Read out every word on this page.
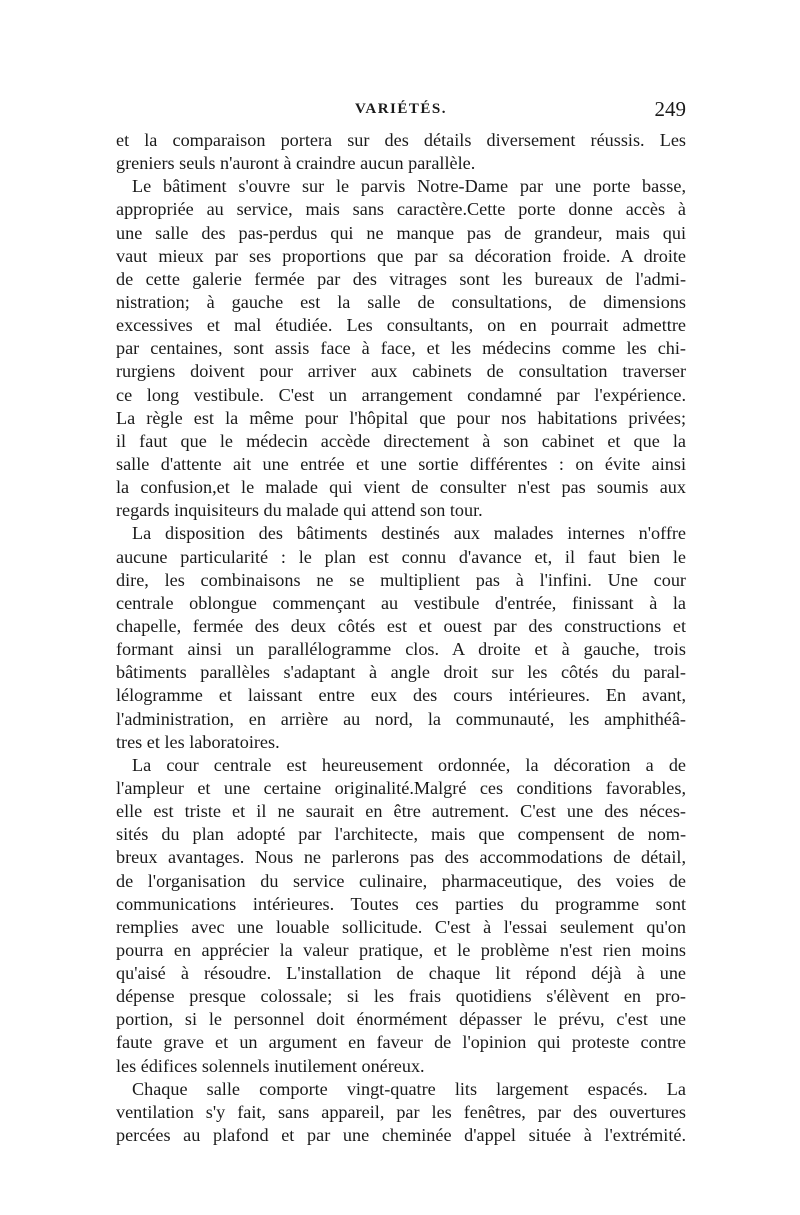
VARIÉTÉS.	249
et la comparaison portera sur des détails diversement réussis. Les
greniers seuls n'auront à craindre aucun parallèle.
Le bâtiment s'ouvre sur le parvis Notre-Dame par une porte basse,
appropriée au service, mais sans caractère.Cette porte donne accès à
une salle des pas-perdus qui ne manque pas de grandeur, mais qui
vaut mieux par ses proportions que par sa décoration froide. A droite
de cette galerie fermée par des vitrages sont les bureaux de l'admi-
nistration; à gauche est la salle de consultations, de dimensions
excessives et mal étudiée. Les consultants, on en pourrait admettre
par centaines, sont assis face à face, et les médecins comme les chi-
rurgiens doivent pour arriver aux cabinets de consultation traverser
ce long vestibule. C'est un arrangement condamné par l'expérience.
La règle est la même pour l'hôpital que pour nos habitations privées;
il faut que le médecin accède directement à son cabinet et que la
salle d'attente ait une entrée et une sortie différentes : on évite ainsi
la confusion,et le malade qui vient de consulter n'est pas soumis aux
regards inquisiteurs du malade qui attend son tour.
La disposition des bâtiments destinés aux malades internes n'offre
aucune particularité : le plan est connu d'avance et, il faut bien le
dire, les combinaisons ne se multiplient pas à l'infini. Une cour
centrale oblongue commençant au vestibule d'entrée, finissant à la
chapelle, fermée des deux côtés est et ouest par des constructions et
formant ainsi un parallélogramme clos. A droite et à gauche, trois
bâtiments parallèles s'adaptant à angle droit sur les côtés du paral-
lélogramme et laissant entre eux des cours intérieures. En avant,
l'administration, en arrière au nord, la communauté, les amphithéâ-
tres et les laboratoires.
La cour centrale est heureusement ordonnée, la décoration a de
l'ampleur et une certaine originalité.Malgré ces conditions favorables,
elle est triste et il ne saurait en être autrement. C'est une des néces-
sités du plan adopté par l'architecte, mais que compensent de nom-
breux avantages. Nous ne parlerons pas des accommodations de détail,
de l'organisation du service culinaire, pharmaceutique, des voies de
communications intérieures. Toutes ces parties du programme sont
remplies avec une louable sollicitude. C'est à l'essai seulement qu'on
pourra en apprécier la valeur pratique, et le problème n'est rien moins
qu'aisé à résoudre. L'installation de chaque lit répond déjà à une
dépense presque colossale; si les frais quotidiens s'élèvent en pro-
portion, si le personnel doit énormément dépasser le prévu, c'est une
faute grave et un argument en faveur de l'opinion qui proteste contre
les édifices solennels inutilement onéreux.
Chaque salle comporte vingt-quatre lits largement espacés. La
ventilation s'y fait, sans appareil, par les fenêtres, par des ouvertures
percées au plafond et par une cheminée d'appel située à l'extrémité.
